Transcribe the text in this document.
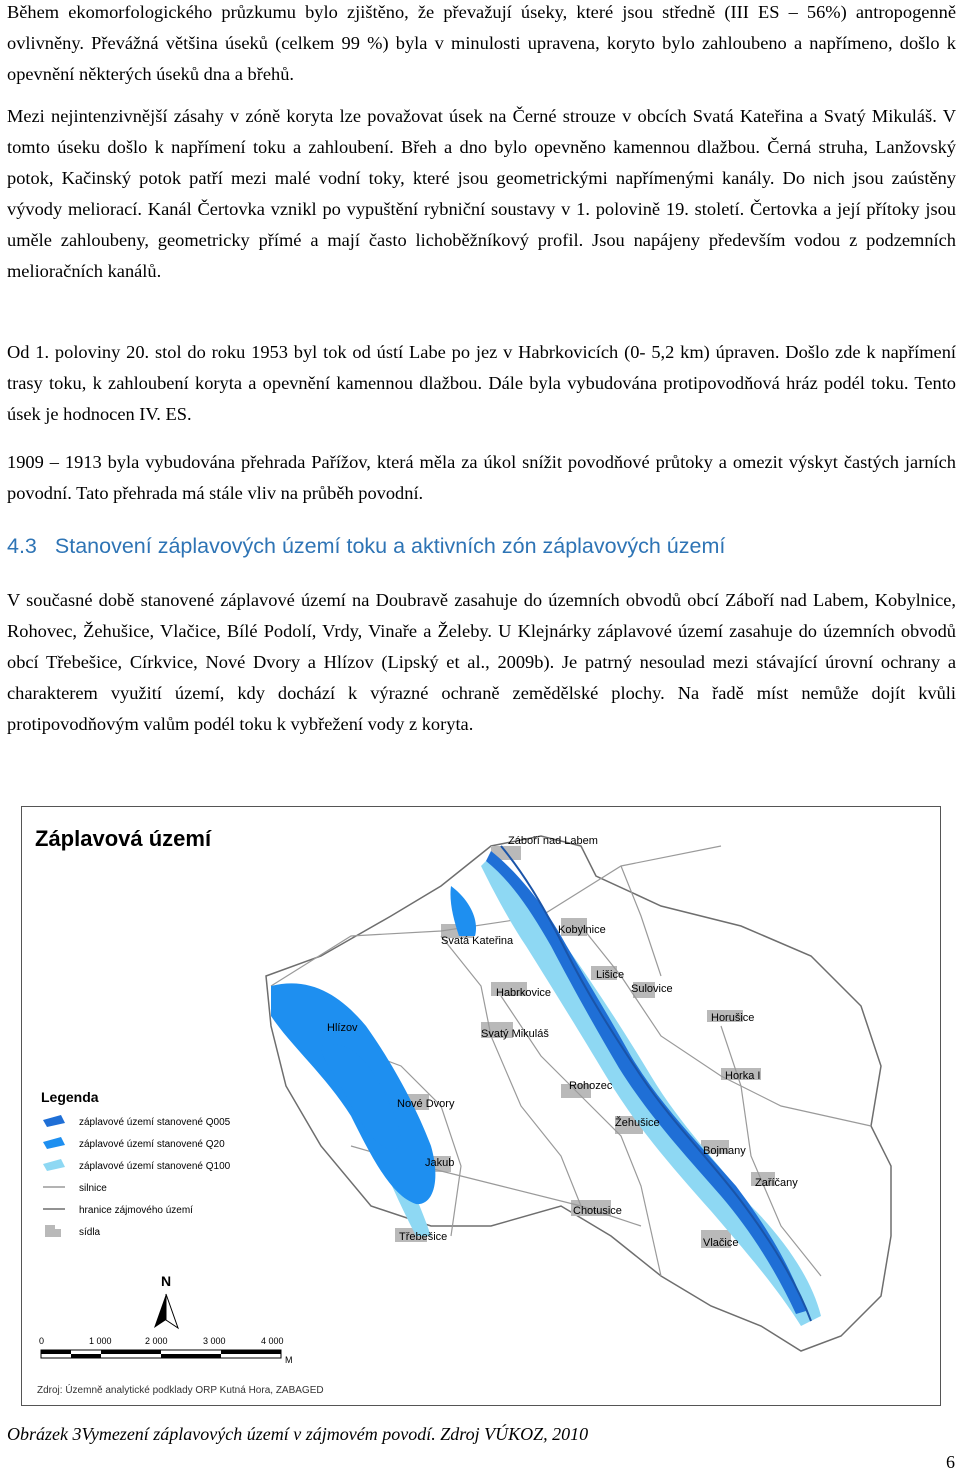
Během ekomorfologického průzkumu bylo zjištěno, že převažují úseky, které jsou středně (III ES – 56%) antropogenně ovlivněny. Převážná většina úseků (celkem 99 %) byla v minulosti upravena, koryto bylo zahloubeno a napřímeno, došlo k opevnění některých úseků dna a břehů.

Mezi nejintenzivnější zásahy v zóně koryta lze považovat úsek na Černé strouze v obcích Svatá Kateřina a Svatý Mikuláš. V tomto úseku došlo k napřímení toku a zahloubení. Břeh a dno bylo opevněno kamennou dlažbou. Černá struha, Lanžovský potok, Kačinský potok patří mezi malé vodní toky, které jsou geometrickými napřímenými kanály. Do nich jsou zaústěny vývody meliorací. Kanál Čertovka vznikl po vypuštění rybniční soustavy v 1. polovině 19. století. Čertovka a její přítoky jsou uměle zahloubeny, geometricky přímé a mají často lichoběžníkový profil. Jsou napájeny především vodou z podzemních melioračních kanálů.

Od 1. poloviny 20. stol do roku 1953 byl tok od ústí Labe po jez v Habrkovicích (0- 5,2 km) úpraven. Došlo zde k napřímení trasy toku, k zahloubení koryta a opevnění kamennou dlažbou. Dále byla vybudována protipovodňová hráz podél toku. Tento úsek je hodnocen IV. ES.

1909 – 1913 byla vybudována přehrada Pařížov, která měla za úkol snížit povodňové průtoky a omezit výskyt častých jarních povodní. Tato přehrada má stále vliv na průběh povodní.

4.3 Stanovení záplavových území toku a aktivních zón záplavových území

V současné době stanovené záplavové území na Doubravě zasahuje do územních obvodů obcí Záboří nad Labem, Kobylnice, Rohovec, Žehušice, Vlačice, Bílé Podolí, Vrdy, Vinaře a Želeby. U Klejnárky záplavové území zasahuje do územních obvodů obcí Třebešice, Církvice, Nové Dvory a Hlízov (Lipský et al., 2009b). Je patrný nesoulad mezi stávající úrovní ochrany a charakterem využití území, kdy dochází k výrazné ochraně zemědělské plochy. Na řadě míst nemůže dojít kvůli protipovodňovým valům podél toku k vybřežení vody z koryta.

Záplavová území	Záboří nad Labem
Kobylnice
Svatá Kateřina
Lišice
Habrkovice	Sulovice
Horušice
Svatý Mikuláš
Hlízov
Horka I
Rohozec
Nové Dvory
Žehušice
Jakub
Bojmany
Zaříčany
Chotusice
Vlačice
Třebešice
Legenda
záplavové území stanovené Q005
záplavové území stanovené Q20
záplavové území stanovené Q100
silnice
hranice zájmového území
sídla
N
0	1 000	2 000	3 000	4 000
M
Zdroj: Územně analytické podklady ORP Kutná Hora, ZABAGED

Obrázek 3Vymezení záplavových území v zájmovém povodí. Zdroj VÚKOZ, 2010

6
